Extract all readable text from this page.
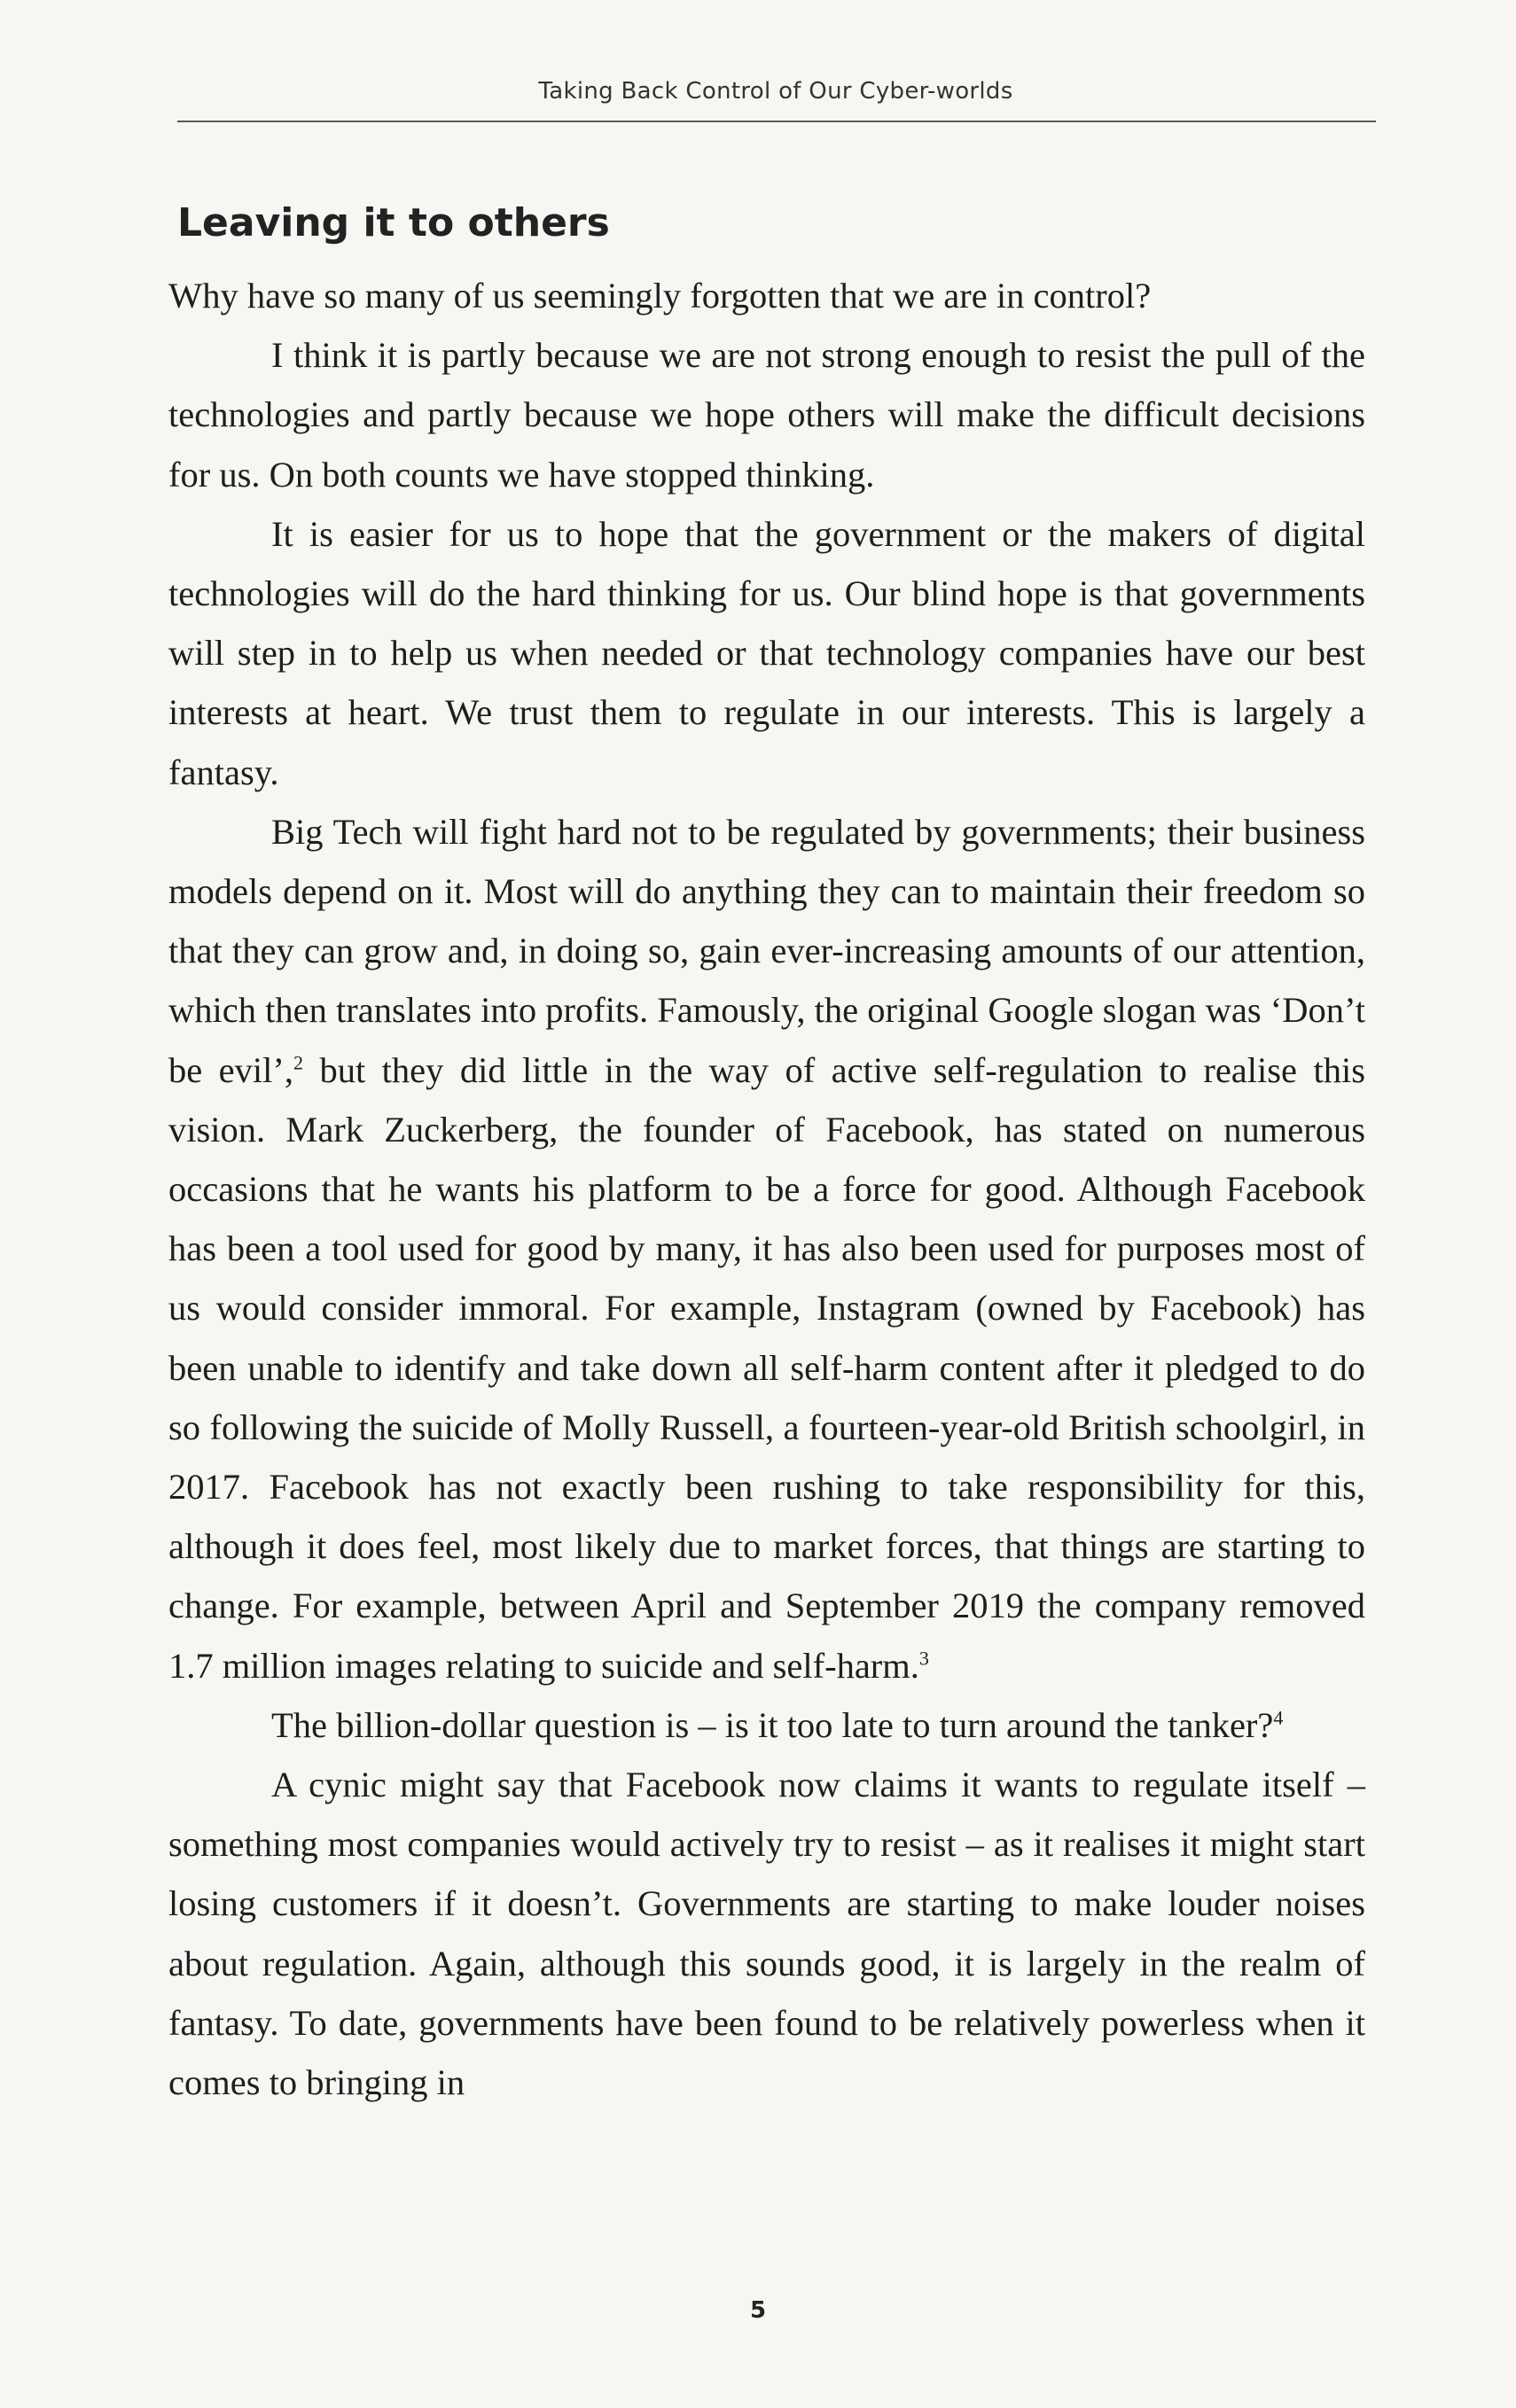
Taking Back Control of Our Cyber-worlds
Leaving it to others

Why have so many of us seemingly forgotten that we are in control?

I think it is partly because we are not strong enough to resist the pull of the technologies and partly because we hope others will make the difficult decisions for us. On both counts we have stopped thinking.

It is easier for us to hope that the government or the makers of digital technologies will do the hard thinking for us. Our blind hope is that governments will step in to help us when needed or that technology companies have our best interests at heart. We trust them to regulate in our interests. This is largely a fantasy.

Big Tech will fight hard not to be regulated by governments; their business models depend on it. Most will do anything they can to maintain their freedom so that they can grow and, in doing so, gain ever-increasing amounts of our attention, which then translates into profits. Famously, the original Google slogan was ‘Don’t be evil’,$^2$ but they did little in the way of active self-regulation to realise this vision. Mark Zuckerberg, the founder of Facebook, has stated on numerous occasions that he wants his platform to be a force for good. Although Facebook has been a tool used for good by many, it has also been used for purposes most of us would consider immoral. For example, Instagram (owned by Facebook) has been unable to identify and take down all self-harm content after it pledged to do so following the suicide of Molly Russell, a fourteen-year-old British schoolgirl, in 2017. Facebook has not exactly been rushing to take responsibility for this, although it does feel, most likely due to market forces, that things are starting to change. For example, between April and September 2019 the company removed 1.7 million images relating to suicide and self-harm.$^3$

The billion-dollar question is – is it too late to turn around the tanker?$^4$

A cynic might say that Facebook now claims it wants to regulate itself – something most companies would actively try to resist – as it realises it might start losing customers if it doesn’t. Governments are starting to make louder noises about regulation. Again, although this sounds good, it is largely in the realm of fantasy. To date, governments have been found to be relatively powerless when it comes to bringing in

5
